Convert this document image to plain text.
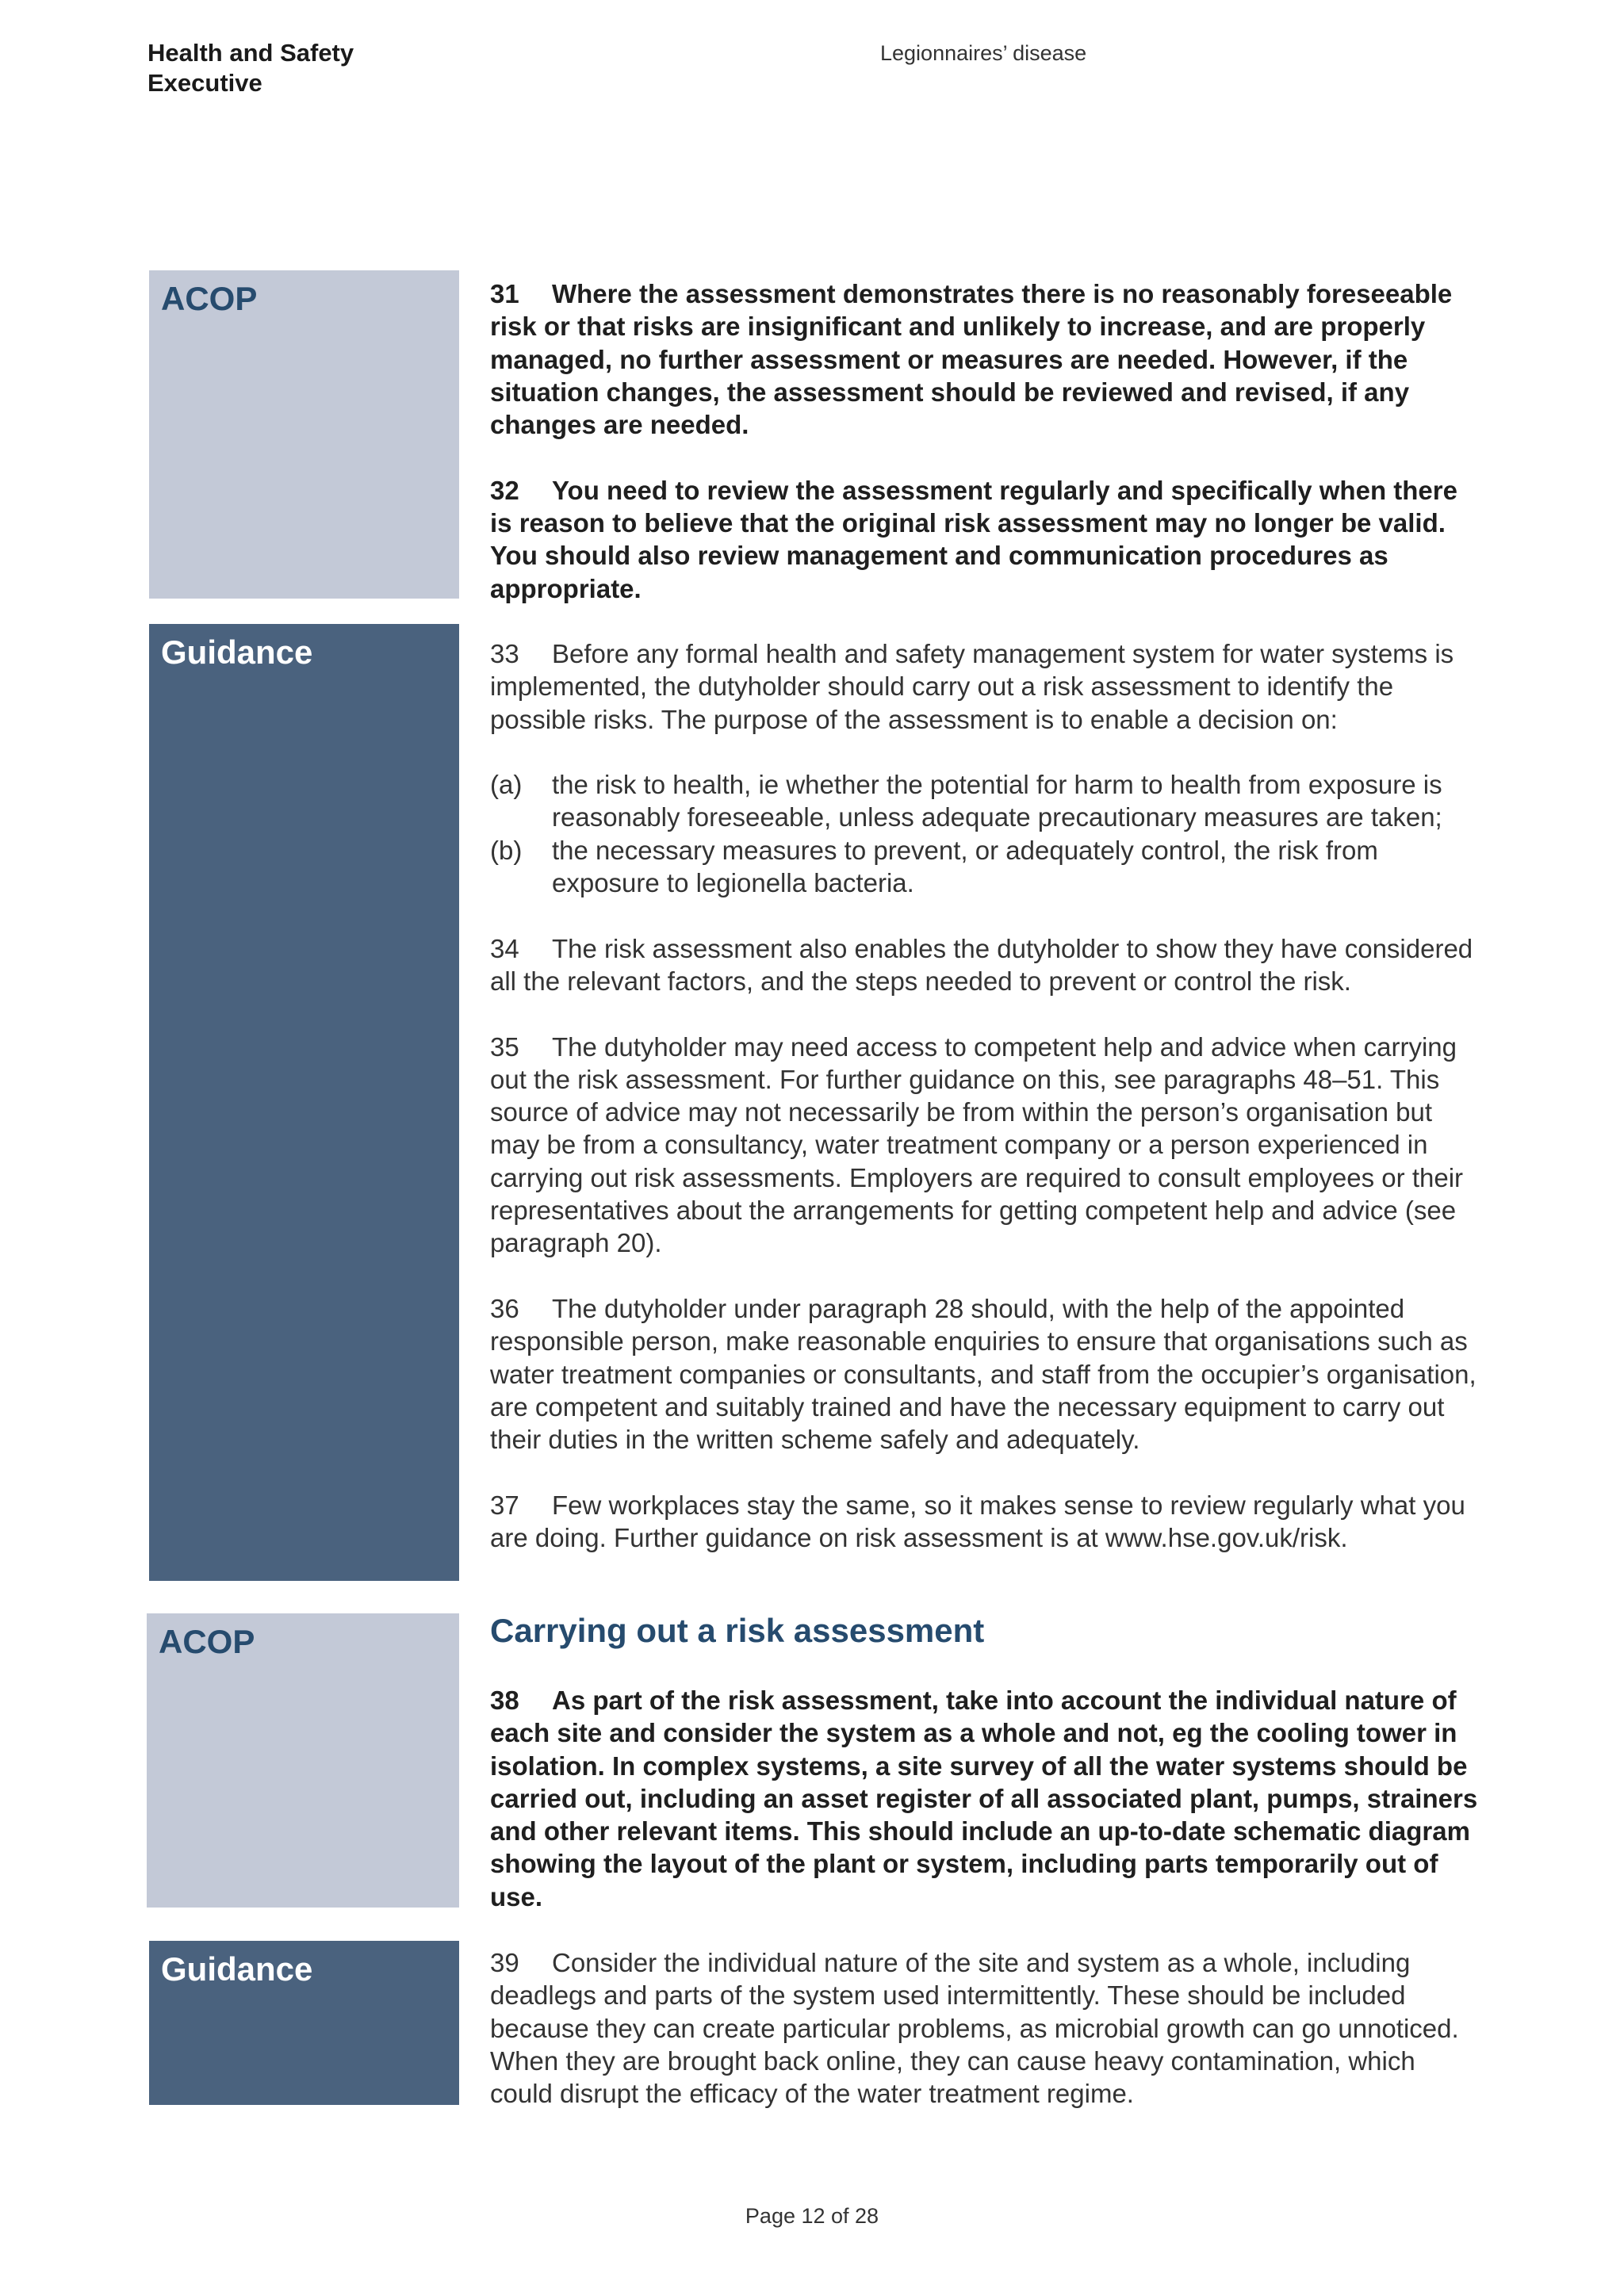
Health and Safety
Executive
Legionnaires’ disease
ACOP
Guidance
ACOP
Guidance

31 Where the assessment demonstrates there is no reasonably foreseeable risk or that risks are insignificant and unlikely to increase, and are properly managed, no further assessment or measures are needed. However, if the situation changes, the assessment should be reviewed and revised, if any changes are needed.

32 You need to review the assessment regularly and specifically when there is reason to believe that the original risk assessment may no longer be valid. You should also review management and communication procedures as appropriate.

33 Before any formal health and safety management system for water systems is implemented, the dutyholder should carry out a risk assessment to identify the possible risks. The purpose of the assessment is to enable a decision on:

(a)	the risk to health, ie whether the potential for harm to health from exposure is reasonably foreseeable, unless adequate precautionary measures are taken;
(b)	the necessary measures to prevent, or adequately control, the risk from exposure to legionella bacteria.

34 The risk assessment also enables the dutyholder to show they have considered all the relevant factors, and the steps needed to prevent or control the risk.

35 The dutyholder may need access to competent help and advice when carrying out the risk assessment. For further guidance on this, see paragraphs 48–51. This source of advice may not necessarily be from within the person’s organisation but may be from a consultancy, water treatment company or a person experienced in carrying out risk assessments. Employers are required to consult employees or their representatives about the arrangements for getting competent help and advice (see paragraph 20).

36 The dutyholder under paragraph 28 should, with the help of the appointed responsible person, make reasonable enquiries to ensure that organisations such as water treatment companies or consultants, and staff from the occupier’s organisation, are competent and suitably trained and have the necessary equipment to carry out their duties in the written scheme safely and adequately.

37 Few workplaces stay the same, so it makes sense to review regularly what you are doing. Further guidance on risk assessment is at www.hse.gov.uk/risk.

Carrying out a risk assessment

38 As part of the risk assessment, take into account the individual nature of each site and consider the system as a whole and not, eg the cooling tower in isolation. In complex systems, a site survey of all the water systems should be carried out, including an asset register of all associated plant, pumps, strainers and other relevant items. This should include an up-to-date schematic diagram showing the layout of the plant or system, including parts temporarily out of use.

39 Consider the individual nature of the site and system as a whole, including deadlegs and parts of the system used intermittently. These should be included because they can create particular problems, as microbial growth can go unnoticed. When they are brought back online, they can cause heavy contamination, which could disrupt the efficacy of the water treatment regime.

Page 12 of 28
